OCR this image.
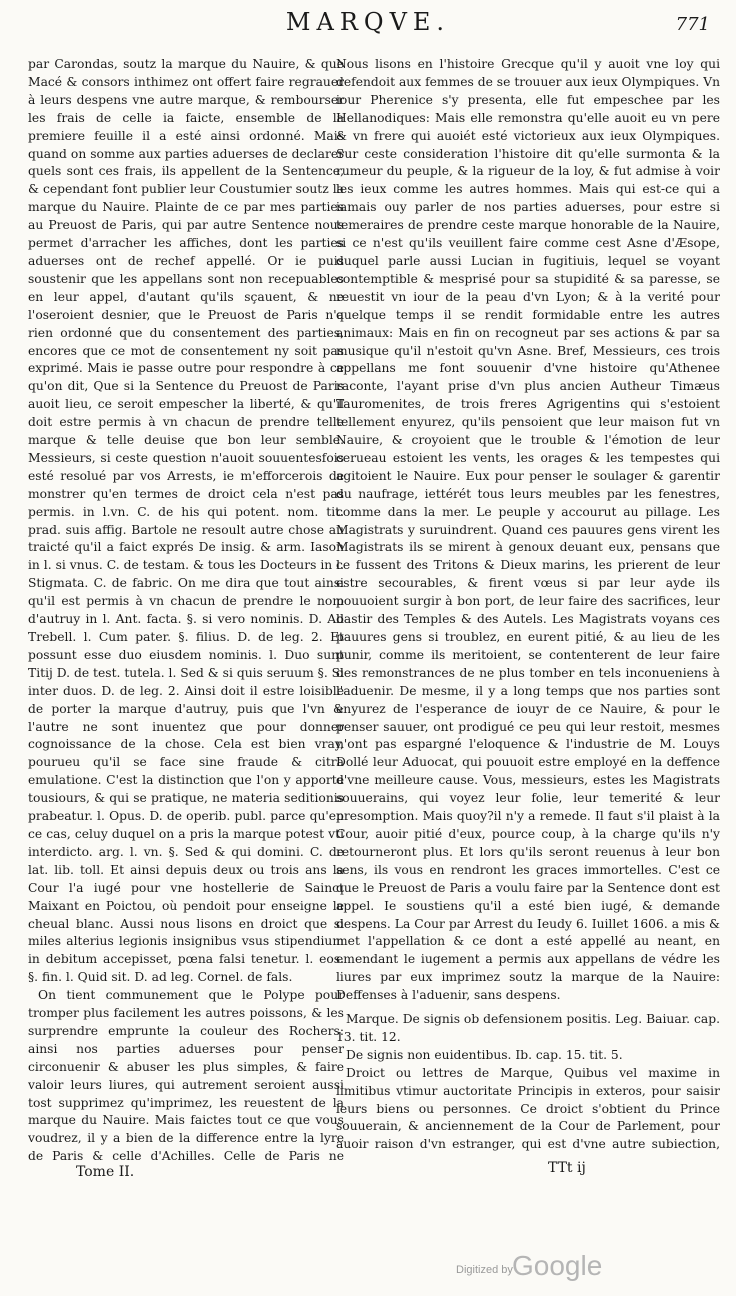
MARQVE.	771

par Carondas, soutz la marque du Nauire, & que Macé & consors inthimez ont offert faire regrauer à leurs despens vne autre marque, & rembourser les frais de celle ia faicte, ensemble de la premiere feuille il a esté ainsi ordonné. Mais quand on somme aux parties aduerses de declarer quels sont ces frais, ils appellent de la Sentence, & cependant font publier leur Coustumier soutz la marque du Nauire. Plainte de ce par mes parties au Preuost de Paris, qui par autre Sentence nous permet d'arracher les affiches, dont les parties aduerses ont de rechef appellé. Or ie puis soustenir que les appellans sont non recepuables en leur appel, d'autant qu'ils sçauent, & ne l'oseroient desnier, que le Preuost de Paris n'a rien ordonné que du consentement des parties, encores que ce mot de consentement ny soit pas exprimé. Mais ie passe outre pour respondre à ce qu'on dit, Que si la Sentence du Preuost de Paris auoit lieu, ce seroit empescher la liberté, & qu'il doit estre permis à vn chacun de prendre telle marque & telle deuise que bon leur semble. Messieurs, si ceste question n'auoit souuentesfois esté resolué par vos Arrests, ie m'efforcerois de monstrer qu'en termes de droict cela n'est pas permis. in l.vn. C. de his qui potent. nom. tit. prad. suis affig. Bartole ne resoult autre chose au traicté qu'il a faict exprés De insig. & arm. Iason in l. si vnus. C. de testam. & tous les Docteurs in l. Stigmata. C. de fabric. On me dira que tout ainsi qu'il est permis à vn chacun de prendre le nom d'autruy in l. Ant. facta. §. si vero nominis. D. Ad Trebell. l. Cum pater. §. filius. D. de leg. 2. Et possunt esse duo eiusdem nominis. l. Duo sunt Titij D. de test. tutela. l. Sed & si quis seruum §. Si inter duos. D. de leg. 2. Ainsi doit il estre loisible de porter la marque d'autruy, puis que l'vn & l'autre ne sont inuentez que pour donner cognoissance de la chose. Cela est bien vray, pourueu qu'il se face sine fraude & citra emulatione. C'est la distinction que l'on y apporte tousiours, & qui se pratique, ne materia seditionis prabeatur. l. Opus. D. de operib. publ. parce qu'en ce cas, celuy duquel on a pris la marque potest vti interdicto. arg. l. vn. §. Sed & qui domini. C. de lat. lib. toll. Et ainsi depuis deux ou trois ans la Cour l'a iugé pour vne hostellerie de Sainct Maixant en Poictou, où pendoit pour enseigne le cheual blanc. Aussi nous lisons en droict que si miles alterius legionis insignibus vsus stipendium in debitum accepisset, pœna falsi tenetur. l. eos. §. fin. l. Quid sit. D. ad leg. Cornel. de fals.

On tient communement que le Polype pour tromper plus facilement les autres poissons, & les surprendre emprunte la couleur des Rochers: ainsi nos parties aduerses pour penser circonuenir & abuser les plus simples, & faire valoir leurs liures, qui autrement seroient aussi tost supprimez qu'imprimez, les reuestent de la marque du Nauire. Mais faictes tout ce que vous voudrez, il y a bien de la difference entre la lyre de Paris & celle d'Achilles. Celle de Paris ne

Nous lisons en l'histoire Grecque qu'il y auoit vne loy qui defendoit aux femmes de se trouuer aux ieux Olympiques. Vn iour Pherenice s'y presenta, elle fut empeschee par les Hellanodiques: Mais elle remonstra qu'elle auoit eu vn pere & vn frere qui auoiét esté victorieux aux ieux Olympiques. Sur ceste consideration l'histoire dit qu'elle surmonta & la rumeur du peuple, & la rigueur de la loy, & fut admise à voir les ieux comme les autres hommes. Mais qui est-ce qui a iamais ouy parler de nos parties aduerses, pour estre si temeraires de prendre ceste marque honorable de la Nauire, si ce n'est qu'ils veuillent faire comme cest Asne d'Æsope, duquel parle aussi Lucian in fugitiuis, lequel se voyant contemptible & mesprisé pour sa stupidité & sa paresse, se reuestit vn iour de la peau d'vn Lyon; & à la verité pour quelque temps il se rendit formidable entre les autres animaux: Mais en fin on recogneut par ses actions & par sa musique qu'il n'estoit qu'vn Asne. Bref, Messieurs, ces trois appellans me font souuenir d'vne histoire qu'Athenee raconte, l'ayant prise d'vn plus ancien Autheur Timæus Tauromenites, de trois freres Agrigentins qui s'estoient tellement enyurez, qu'ils pensoient que leur maison fut vn Nauire, & croyoient que le trouble & l'émotion de leur cerueau estoient les vents, les orages & les tempestes qui agitoient le Nauire. Eux pour penser le soulager & garentir du naufrage, iettérét tous leurs meubles par les fenestres, comme dans la mer. Le peuple y accourut au pillage. Les Magistrats y suruindrent. Quand ces pauures gens virent les Magistrats ils se mirent à genoux deuant eux, pensans que ce fussent des Tritons & Dieux marins, les prierent de leur estre secourables, & firent vœus si par leur ayde ils pouuoient surgir à bon port, de leur faire des sacrifices, leur bastir des Temples & des Autels. Les Magistrats voyans ces pauures gens si troublez, en eurent pitié, & au lieu de les punir, comme ils meritoient, se contenterent de leur faire des remonstrances de ne plus tomber en tels inconueniens à l'aduenir. De mesme, il y a long temps que nos parties sont enyurez de l'esperance de iouyr de ce Nauire, & pour le penser sauuer, ont prodigué ce peu qui leur restoit, mesmes n'ont pas espargné l'eloquence & l'industrie de M. Louys Dollé leur Aduocat, qui pouuoit estre employé en la deffence d'vne meilleure cause. Vous, messieurs, estes les Magistrats souuerains, qui voyez leur folie, leur temerité & leur presomption. Mais quoy?il n'y a remede. Il faut s'il plaist à la Cour, auoir pitié d'eux, pource coup, à la charge qu'ils n'y retourneront plus. Et lors qu'ils seront reuenus à leur bon sens, ils vous en rendront les graces immortelles. C'est ce que le Preuost de Paris a voulu faire par la Sentence dont est appel. Ie soustiens qu'il a esté bien iugé, & demande despens. La Cour par Arrest du Ieudy 6. Iuillet 1606. a mis & met l'appellation & ce dont a esté appellé au neant, en emendant le iugement a permis aux appellans de védre les liures par eux imprimez soutz la marque de la Nauire: Deffenses à l'aduenir, sans despens.

Marque. De signis ob defensionem positis. Leg. Baiuar. cap. 13. tit. 12.

De signis non euidentibus. Ib. cap. 15. tit. 5.

Droict ou lettres de Marque, Quibus vel maxime in limitibus vtimur auctoritate Principis in exteros, pour saisir leurs biens ou personnes. Ce droict s'obtient du Prince souuerain, & anciennement de la Cour de Parlement, pour auoir raison d'vn estranger, qui est d'vne autre subiection,

Tome II.	TTt ij
Digitized by Google
